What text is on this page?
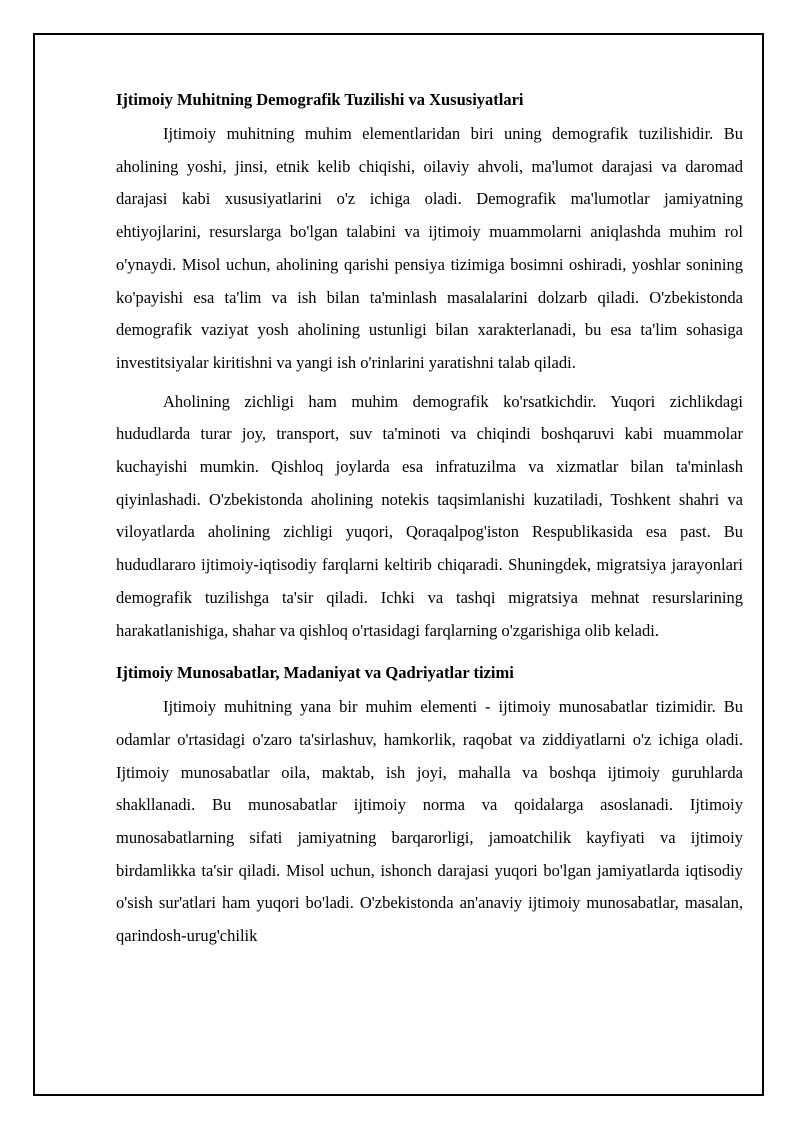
Ijtimoiy Muhitning Demografik Tuzilishi va Xususiyatlari

Ijtimoiy muhitning muhim elementlaridan biri uning demografik tuzilishidir. Bu aholining yoshi, jinsi, etnik kelib chiqishi, oilaviy ahvoli, ma'lumot darajasi va daromad darajasi kabi xususiyatlarini o'z ichiga oladi. Demografik ma'lumotlar jamiyatning ehtiyojlarini, resurslarga bo'lgan talabini va ijtimoiy muammolarni aniqlashda muhim rol o'ynaydi. Misol uchun, aholining qarishi pensiya tizimiga bosimni oshiradi, yoshlar sonining ko'payishi esa ta'lim va ish bilan ta'minlash masalalarini dolzarb qiladi. O'zbekistonda demografik vaziyat yosh aholining ustunligi bilan xarakterlanadi, bu esa ta'lim sohasiga investitsiyalar kiritishni va yangi ish o'rinlarini yaratishni talab qiladi.

Aholining zichligi ham muhim demografik ko'rsatkichdir. Yuqori zichlikdagi hududlarda turar joy, transport, suv ta'minoti va chiqindi boshqaruvi kabi muammolar kuchayishi mumkin. Qishloq joylarda esa infratuzilma va xizmatlar bilan ta'minlash qiyinlashadi. O'zbekistonda aholining notekis taqsimlanishi kuzatiladi, Toshkent shahri va viloyatlarda aholining zichligi yuqori, Qoraqalpog'iston Respublikasida esa past. Bu hududlararo ijtimoiy-iqtisodiy farqlarni keltirib chiqaradi. Shuningdek, migratsiya jarayonlari demografik tuzilishga ta'sir qiladi. Ichki va tashqi migratsiya mehnat resurslarining harakatlanishiga, shahar va qishloq o'rtasidagi farqlarning o'zgarishiga olib keladi.

Ijtimoiy Munosabatlar, Madaniyat va Qadriyatlar tizimi

Ijtimoiy muhitning yana bir muhim elementi - ijtimoiy munosabatlar tizimidir. Bu odamlar o'rtasidagi o'zaro ta'sirlashuv, hamkorlik, raqobat va ziddiyatlarni o'z ichiga oladi. Ijtimoiy munosabatlar oila, maktab, ish joyi, mahalla va boshqa ijtimoiy guruhlarda shakllanadi. Bu munosabatlar ijtimoiy norma va qoidalarga asoslanadi. Ijtimoiy munosabatlarning sifati jamiyatning barqarorligi, jamoatchilik kayfiyati va ijtimoiy birdamlikka ta'sir qiladi. Misol uchun, ishonch darajasi yuqori bo'lgan jamiyatlarda iqtisodiy o'sish sur'atlari ham yuqori bo'ladi. O'zbekistonda an'anaviy ijtimoiy munosabatlar, masalan, qarindosh-urug'chilik
